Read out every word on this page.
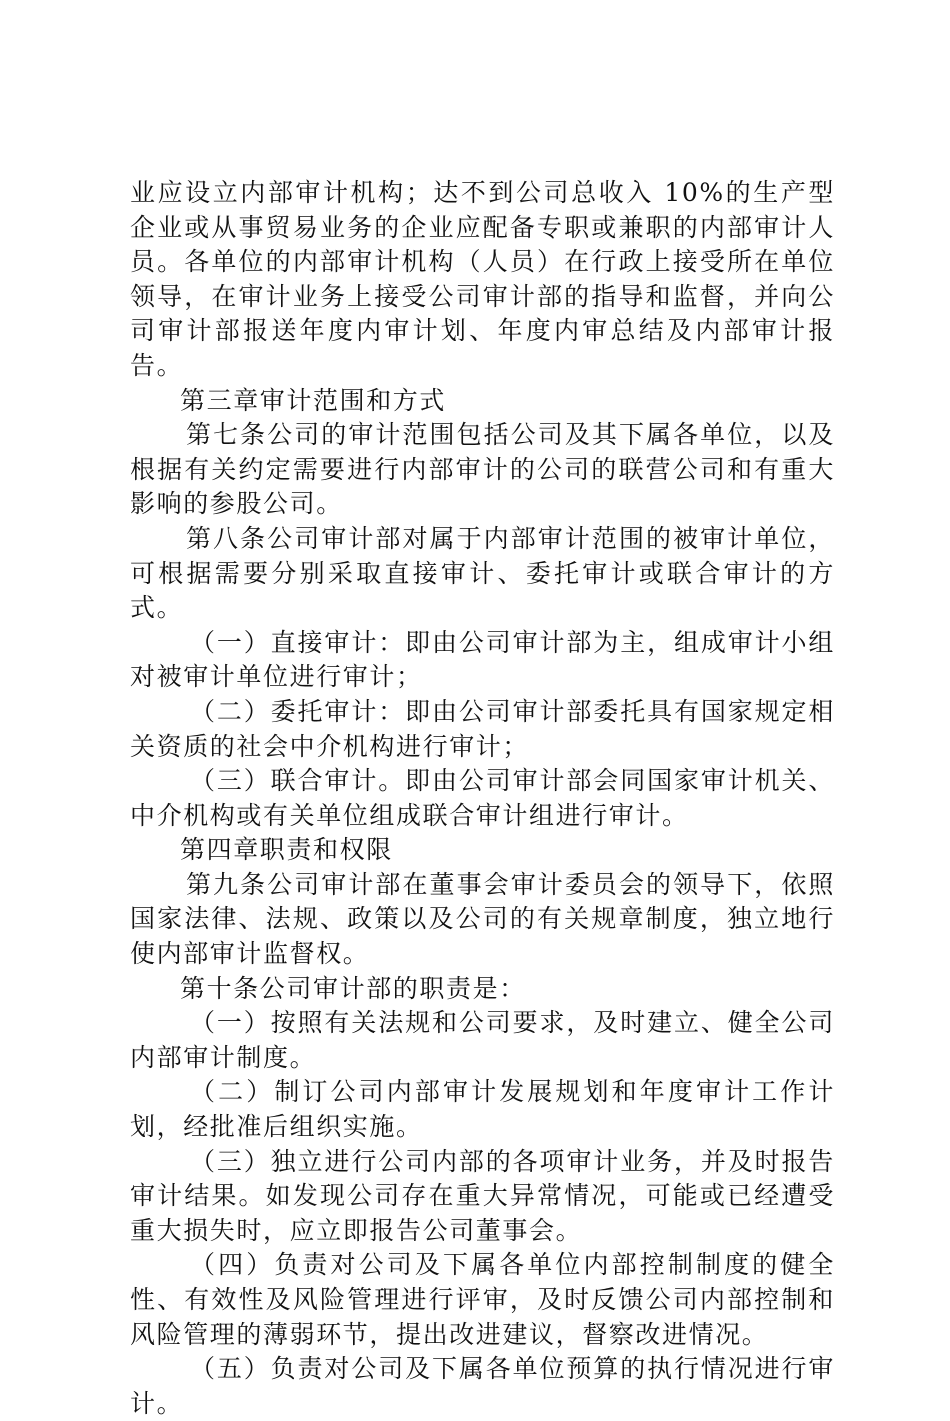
业应设立内部审计机构；达不到公司总收入 10%的生产型企业或从事贸易业务的企业应配备专职或兼职的内部审计人员。各单位的内部审计机构（人员）在行政上接受所在单位领导，在审计业务上接受公司审计部的指导和监督，并向公司审计部报送年度内审计划、年度内审总结及内部审计报告。

第三章审计范围和方式

第七条公司的审计范围包括公司及其下属各单位，以及根据有关约定需要进行内部审计的公司的联营公司和有重大影响的参股公司。

第八条公司审计部对属于内部审计范围的被审计单位，可根据需要分别采取直接审计、委托审计或联合审计的方式。

（一）直接审计：即由公司审计部为主，组成审计小组对被审计单位进行审计；

（二）委托审计：即由公司审计部委托具有国家规定相关资质的社会中介机构进行审计；

（三）联合审计。即由公司审计部会同国家审计机关、中介机构或有关单位组成联合审计组进行审计。

第四章职责和权限

第九条公司审计部在董事会审计委员会的领导下，依照国家法律、法规、政策以及公司的有关规章制度，独立地行使内部审计监督权。

第十条公司审计部的职责是：

（一）按照有关法规和公司要求，及时建立、健全公司内部审计制度。

（二）制订公司内部审计发展规划和年度审计工作计划，经批准后组织实施。

（三）独立进行公司内部的各项审计业务，并及时报告审计结果。如发现公司存在重大异常情况，可能或已经遭受重大损失时，应立即报告公司董事会。

（四）负责对公司及下属各单位内部控制制度的健全性、有效性及风险管理进行评审，及时反馈公司内部控制和风险管理的薄弱环节，提出改进建议，督察改进情况。

（五）负责对公司及下属各单位预算的执行情况进行审计。
